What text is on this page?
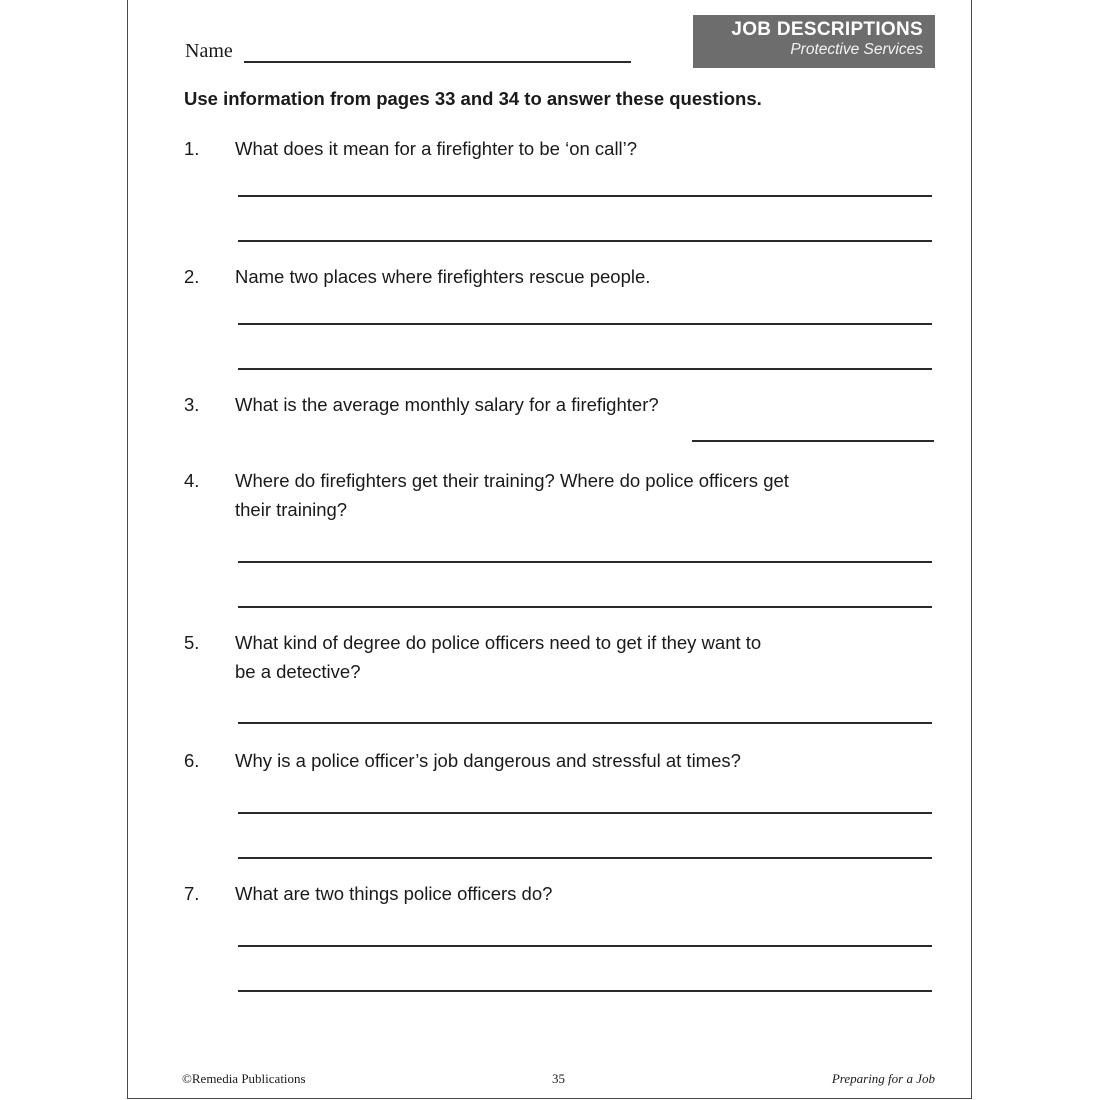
Name
JOB DESCRIPTIONS
Protective Services
Use information from pages 33 and 34 to answer these questions.
1. What does it mean for a firefighter to be ‘on call’?
2. Name two places where firefighters rescue people.
3. What is the average monthly salary for a firefighter?
4. Where do firefighters get their training? Where do police officers get
their training?
5. What kind of degree do police officers need to get if they want to
be a detective?
6. Why is a police officer’s job dangerous and stressful at times?
7. What are two things police officers do?
©Remedia Publications	35	Preparing for a Job
